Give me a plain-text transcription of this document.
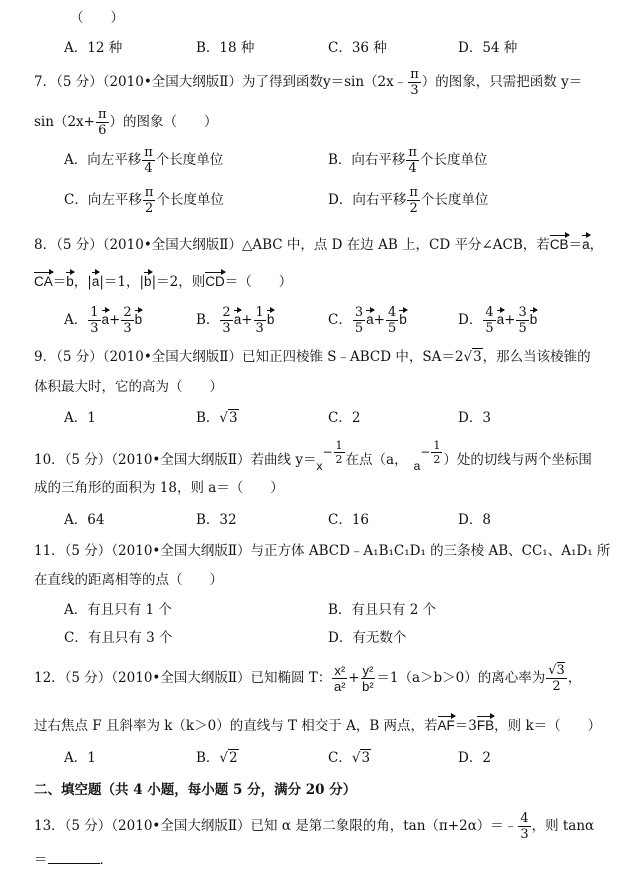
（　　）
A．12 种	B．18 种	C．36 种	D．54 种
7．（5 分）（2010•全国大纲版Ⅱ）为了得到函数y＝sin（2x﹣ $\frac{\pi}{3}$ ）的图象，只需把函数 y＝
$\sin(2x+ \frac{\pi}{6}$ ）的图象（　　）
A．向左平移 $\frac{\pi}{4}$ 个长度单位	B．向右平移 $\frac{\pi}{4}$ 个长度单位
C．向左平移 $\frac{\pi}{2}$ 个长度单位	D．向右平移 $\frac{\pi}{2}$ 个长度单位
8．（5 分）（2010•全国大纲版Ⅱ）△ABC 中，点 D 在边 AB 上，CD 平分∠ACB，若CB＝a，
CA＝b，|a|＝1，|b|＝2，则CD＝（　　）
A． $\frac{1}{3} a+ \frac{2}{3}$ b	B． $\frac{2}{3} a+ \frac{1}{3}$ b	C． $\frac{3}{5} a+ \frac{4}{5}$ b	D． $\frac{4}{5} a+ \frac{3}{5}$ b
9．（5 分）（2010•全国大纲版Ⅱ）已知正四棱锥 S﹣ABCD 中，SA＝2√3，那么当该棱锥的
体积最大时，它的高为（　　）
A．1	B．√3	C．2	D．3
10．（5 分）（2010•全国大纲版Ⅱ）若曲线 $y=x- \frac{1}{2}$ 在点（a， $a- \frac{1}{2}$ ）处的切线与两个坐标围
成的三角形的面积为 18，则 a＝（　　）
A．64	B．32	C．16	D．8
11．（5 分）（2010•全国大纲版Ⅱ）与正方体 ABCD﹣A₁B₁C₁D₁ 的三条棱 AB、CC₁、A₁D₁ 所
在直线的距离相等的点（　　）
A．有且只有 1 个	B．有且只有 2 个
C．有且只有 3 个	D．有无数个
12．（5 分）（2010•全国大纲版Ⅱ）已知椭圆 T： $\frac{\text{x²}}{\text{a²}} + \frac{\text{y²}}{\text{b²}} =1(a>b>0)$的离心率为 $\frac{√3}{2}$ ，
过右焦点 F 且斜率为 k（k＞0）的直线与 T 相交于 A，B 两点，若AF＝3FB，则 k＝（　　）
A．1	B．√2	C．√3	D．2
二、填空题（共 4 小题，每小题 5 分，满分 20 分）
13．（5 分）（2010•全国大纲版Ⅱ）已知 α 是第二象限的角，tan（π+2α）＝﹣ $\frac{4}{3}$ ，则 tanα
＝	．
